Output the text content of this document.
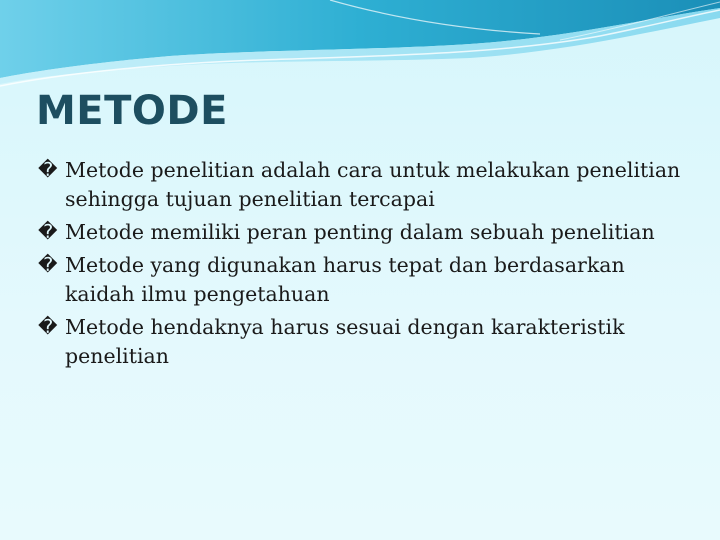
METODE
� Metode penelitian adalah cara untuk melakukan penelitian sehingga tujuan penelitian tercapai
� Metode memiliki peran penting dalam sebuah penelitian
� Metode yang digunakan harus tepat dan berdasarkan kaidah ilmu pengetahuan
� Metode hendaknya harus sesuai dengan karakteristik penelitian
